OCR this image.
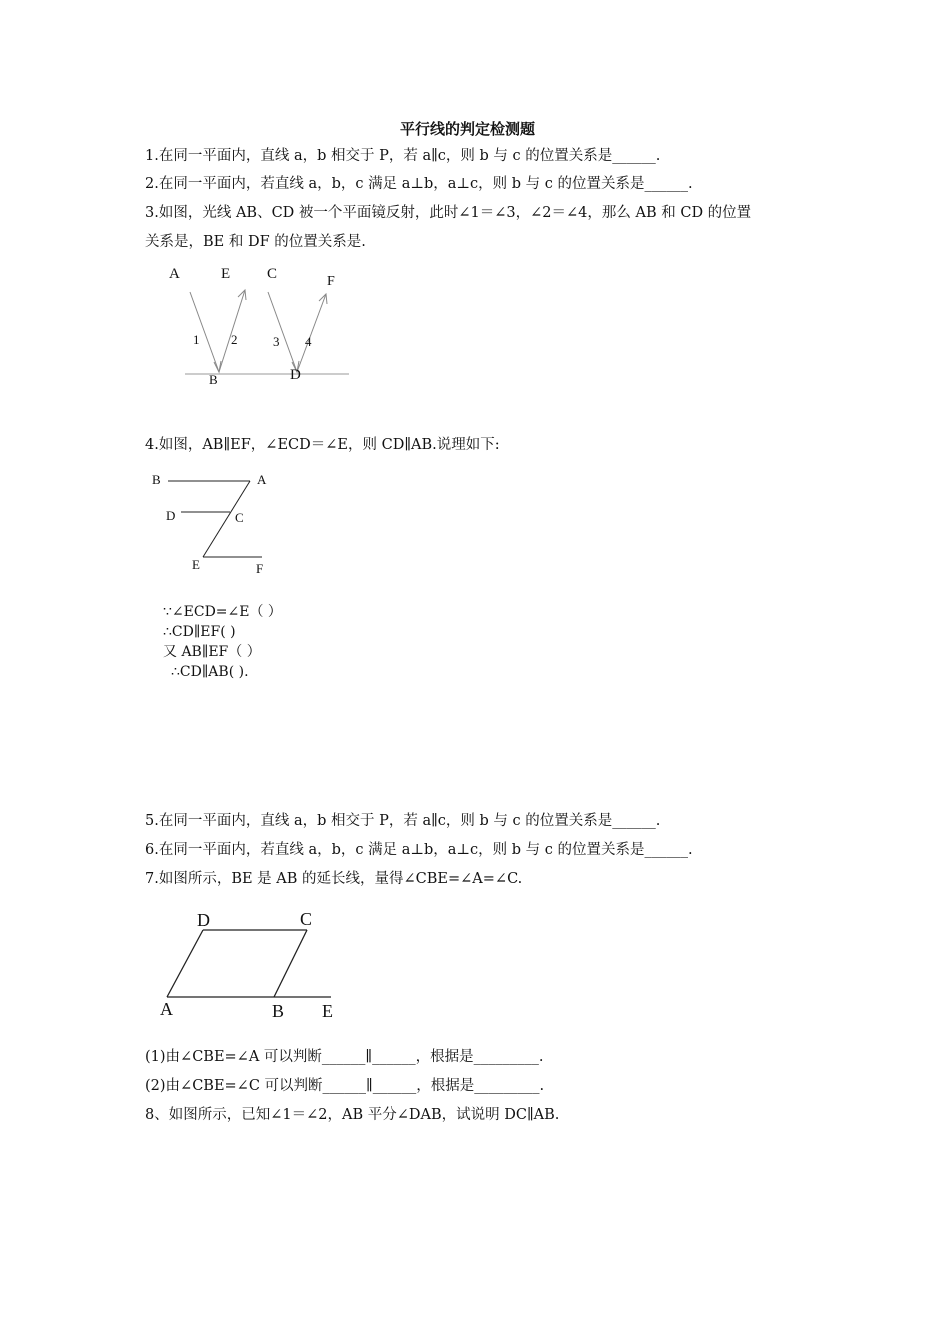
平行线的判定检测题
1.在同一平面内，直线 a，b 相交于 P，若 a∥c，则 b 与 c 的位置关系是______.
2.在同一平面内，若直线 a，b，c 满足 a⊥b，a⊥c，则 b 与 c 的位置关系是______.
3.如图，光线 AB、CD 被一个平面镜反射，此时∠1＝∠3，∠2＝∠4，那么 AB 和 CD 的位置
关系是，BE 和 DF 的位置关系是.
A	E C	F
1 2	3 4
B	D
4.如图，AB∥EF，∠ECD＝∠E，则 CD∥AB.说理如下:
B	A
D	C
E	F
∵∠ECD=∠E（ ）
∴CD∥EF( )
又 AB∥EF（ ）
∴CD∥AB( ).
5.在同一平面内，直线 a，b 相交于 P，若 a∥c，则 b 与 c 的位置关系是______.
6.在同一平面内，若直线 a，b，c 满足 a⊥b，a⊥c，则 b 与 c 的位置关系是______.
7.如图所示，BE 是 AB 的延长线，量得∠CBE=∠A=∠C.
D	C
A	B E
(1)由∠CBE=∠A 可以判断______∥______，根据是_________.
(2)由∠CBE=∠C 可以判断______∥______，根据是_________.
8、如图所示，已知∠1＝∠2，AB 平分∠DAB，试说明 DC∥AB.
